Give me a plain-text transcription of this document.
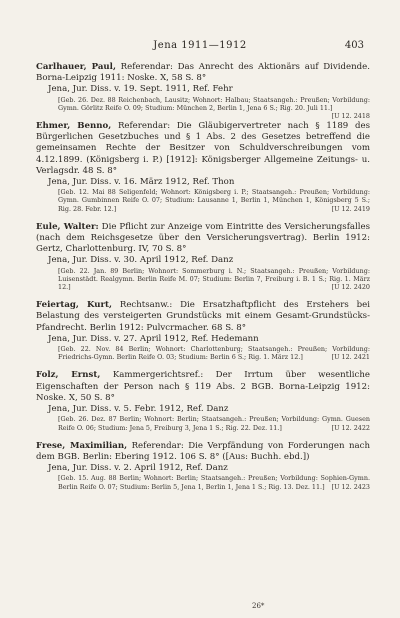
Jena 1911—1912	403
Carlhauer, Paul, Referendar: Das Anrecht des Aktionärs auf Dividende. Borna-Leipzig 1911: Noske. X, 58 S. 8°
Jena, Jur. Diss. v. 19. Sept. 1911, Ref. Fehr
[Geb. 26. Dez. 88 Reichenbach, Lausitz; Wohnort: Halbau; Staatsangeh.: Preußen; Vorbildung: Gymn. Görlitz Reife O. 09; Studium: München 2, Berlin 1, Jena 6 S.; Rig. 20. Juli 11.]
[U 12. 2418
Ehmer, Benno, Referendar: Die Gläubigervertreter nach § 1189 des Bürgerlichen Gesetzbuches und § 1 Abs. 2 des Gesetzes betreffend die gemeinsamen Rechte der Besitzer von Schuldverschreibungen vom 4.12.1899. (Königsberg i. P.) [1912]: Königsberger Allgemeine Zeitungs- u. Verlagsdr. 48 S. 8°
Jena, Jur. Diss. v. 16. März 1912, Ref. Thon
[Geb. 12. Mai 88 Seligenfeld; Wohnort: Königsberg i. P.; Staatsangeh.: Preußen; Vorbildung: Gymn. Gumbinnen Reife O. 07; Studium: Lausanne 1, Berlin 1, München 1, Königsberg 5 S.; Rig. 28. Febr. 12.]	[U 12. 2419
Eule, Walter: Die Pflicht zur Anzeige vom Eintritte des Versicherungsfalles (nach dem Reichsgesetze über den Versicherungsvertrag). Berlin 1912: Gertz, Charlottenburg. IV, 70 S. 8°
Jena, Jur. Diss. v. 30. April 1912, Ref. Danz
[Geb. 22. Jan. 89 Berlin; Wohnort: Sommerburg i. N.; Staatsangeh.: Preußen; Vorbildung: Luisenstädt. Realgymn. Berlin Reife M. 07; Studium: Berlin 7, Freiburg i. B. 1 S.; Rig. 1. März 12.]	[U 12. 2420
Feiertag, Kurt, Rechtsanw.: Die Ersatzhaftpflicht des Erstehers bei Belastung des versteigerten Grundstücks mit einem Gesamt-Grundstücks-Pfandrecht. Berlin 1912: Pulvcrmacher. 68 S. 8°
Jena, Jur. Diss. v. 27. April 1912, Ref. Hedemann
[Geb. 22. Nov. 84 Berlin; Wohnort: Charlottenburg; Staatsangeh.: Preußen; Vorbildung: Friedrichs-Gymn. Berlin Reife O. 03; Studium: Berlin 6 S.; Rig. 1. März 12.]	[U 12. 2421
Folz, Ernst, Kammergerichtsref.: Der Irrtum über wesentliche Eigenschaften der Person nach § 119 Abs. 2 BGB. Borna-Leipzig 1912: Noske. X, 50 S. 8°
Jena, Jur. Diss. v. 5. Febr. 1912, Ref. Danz
[Geb. 26. Dez. 87 Berlin; Wohnort: Berlin; Staatsangeh.: Preußen; Vorbildung: Gymn. Guesen Reife O. 06; Studium: Jena 5, Freiburg 3, Jena 1 S.; Rig. 22. Dez. 11.]	[U 12. 2422
Frese, Maximilian, Referendar: Die Verpfändung von Forderungen nach dem BGB. Berlin: Ebering 1912. 106 S. 8° ([Aus: Buchh. ebd.])
Jena, Jur. Diss. v. 2. April 1912, Ref. Danz
[Geb. 15. Aug. 88 Berlin; Wohnort: Berlin; Staatsangeh.: Preußen; Vorbildung: Sophien-Gymn. Berlin Reife O. 07; Studium: Berlin 5, Jena 1, Berlin 1, Jena 1 S.; Rig. 13. Dez. 11.] [U 12. 2423
26*
